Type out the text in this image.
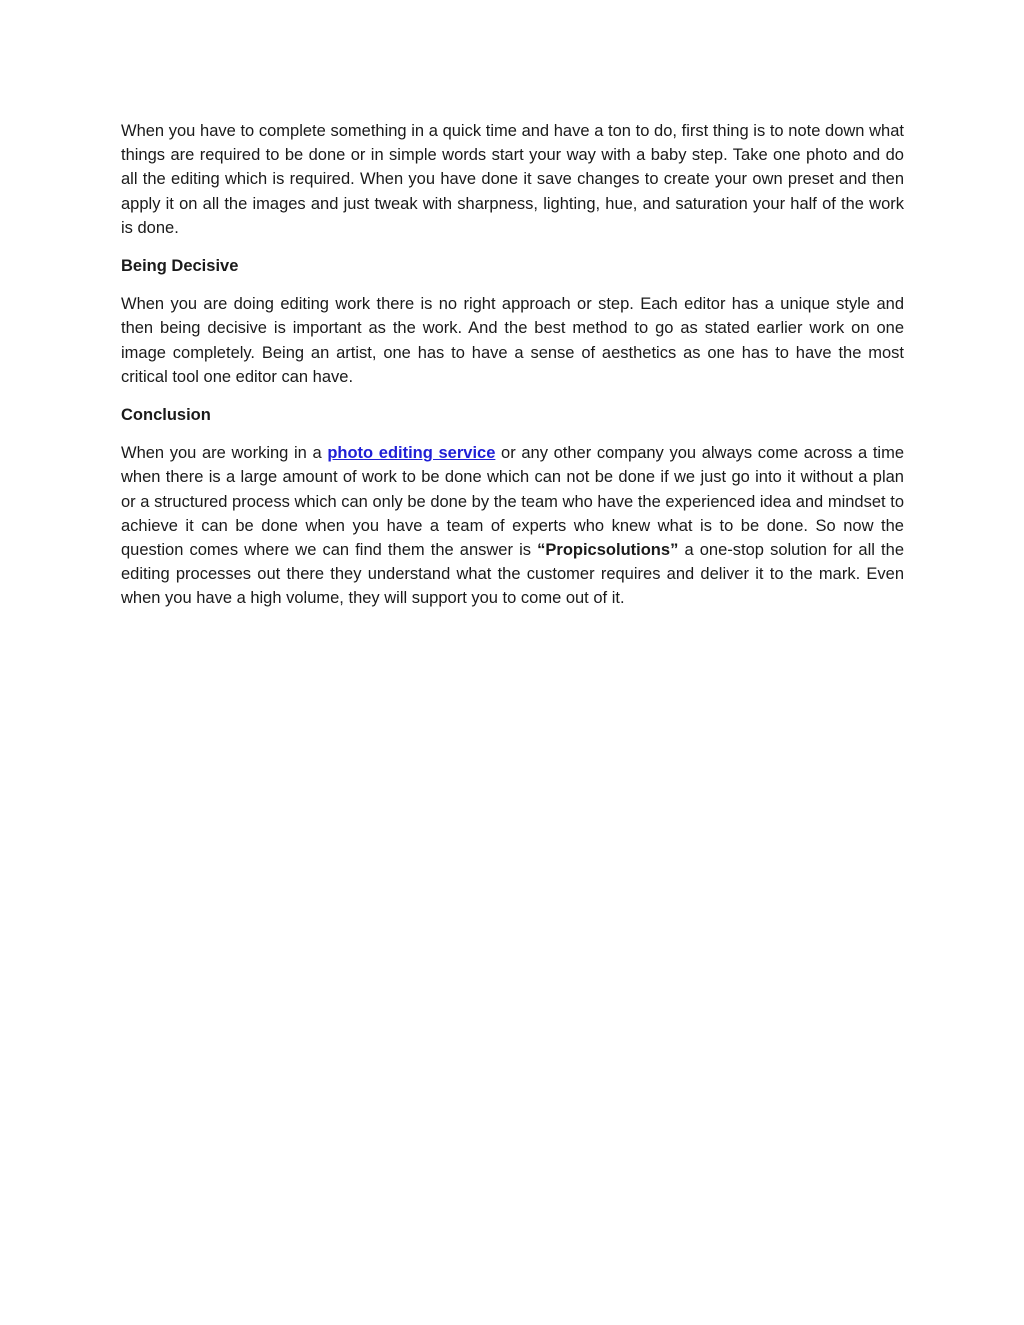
When you have to complete something in a quick time and have a ton to do, first thing is to note down what things are required to be done or in simple words start your way with a baby step. Take one photo and do all the editing which is required. When you have done it save changes to create your own preset and then apply it on all the images and just tweak with sharpness, lighting, hue, and saturation your half of the work is done.

Being Decisive

When you are doing editing work there is no right approach or step. Each editor has a unique style and then being decisive is important as the work. And the best method to go as stated earlier work on one image completely. Being an artist, one has to have a sense of aesthetics as one has to have the most critical tool one editor can have.

Conclusion

When you are working in a photo editing service or any other company you always come across a time when there is a large amount of work to be done which can not be done if we just go into it without a plan or a structured process which can only be done by the team who have the experienced idea and mindset to achieve it can be done when you have a team of experts who knew what is to be done. So now the question comes where we can find them the answer is “Propicsolutions” a one-stop solution for all the editing processes out there they understand what the customer requires and deliver it to the mark. Even when you have a high volume, they will support you to come out of it.
